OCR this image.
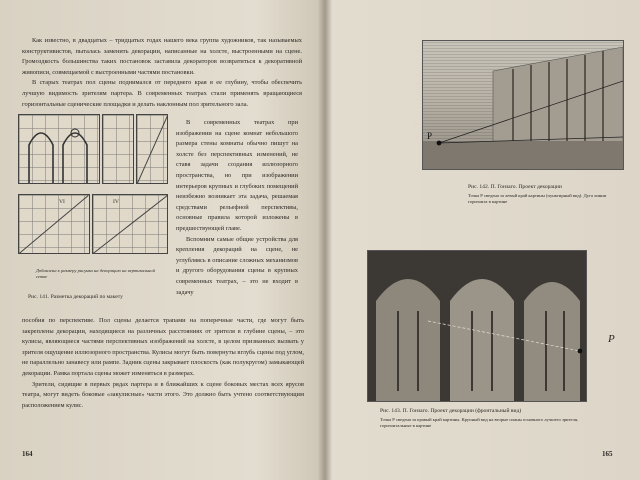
Как известно, в двадцатых – тридцатых годах нашего века группа художников, так называемых конструктивистов, пыталась заменить декорации, написанные на холсте, выстроенными на сцене. Громоздкость большинства таких постановок заставила декораторов возвратиться к декоративной живописи, совмещаемой с выстроенными частями постановки.

В старых театрах пол сцены поднимался от переднего края в ее глубину, чтобы обеспечить лучшую видимость зрителям партера. В современных театрах стали применять вращающиеся горизонтальные сценические площадки и делать наклонным пол зрительного зала.

В современных театрах при изображении на сцене комнат небольшого размера стены комнаты обычно пишут на холсте без перспективных изменений, не ставя задачи создания иллюзорного пространства, но при изображении интерьеров крупных и глубоких помещений неизбежно возникает эта задача, решаемая средствами рельефной перспективы, основные правила которой изложены в предшествующей главе.

Вспомним самые общие устройства для крепления декораций на сцене, не углубляясь в описание сложных механизмов и другого оборудования сцены в крупных современных театрах, – это не входит в задачу

VI	IV
Добавлена к размеру рисунка на декорацию на вертикальной сетке
Рис. 141. Разметка декораций по макету

пособия по перспективе. Пол сцены делается трапами на поперечные части, где могут быть закреплены декорации, находящиеся на различных расстояниях от зрителя в глубине сцены, – это кулисы, являющиеся частями перспективных изображений на холсте, в целом призванных вызвать у зрителя ощущение иллюзорного пространства. Кулисы могут быть повернуты вглубь сцены под углом, не параллельно занавесу или рампе. Задник сцены закрывает плоскость (как полукругом) замыкающей декорации. Рамка портала сцены может изменяться в размерах.

Зрители, сидящие в первых рядах партера и в ближайших к сцене боковых местах всех ярусов театра, могут видеть боковые «закулисные» части этого. Это должно быть учтено соответствующим расположением кулис.

164
P
Рис. 142. П. Гонзаго. Проект декорации
Точка P сведена за левый край картины (пунктирный вид). Дуга линии горизонта в картине
P
Рис. 143. П. Гонзаго. Проект декорации (фронтальный вид)
Точка P сведена за правый край картины. Крупный вид на вторые планы основного лучшего зрителя, горизонтальные в картине
165
